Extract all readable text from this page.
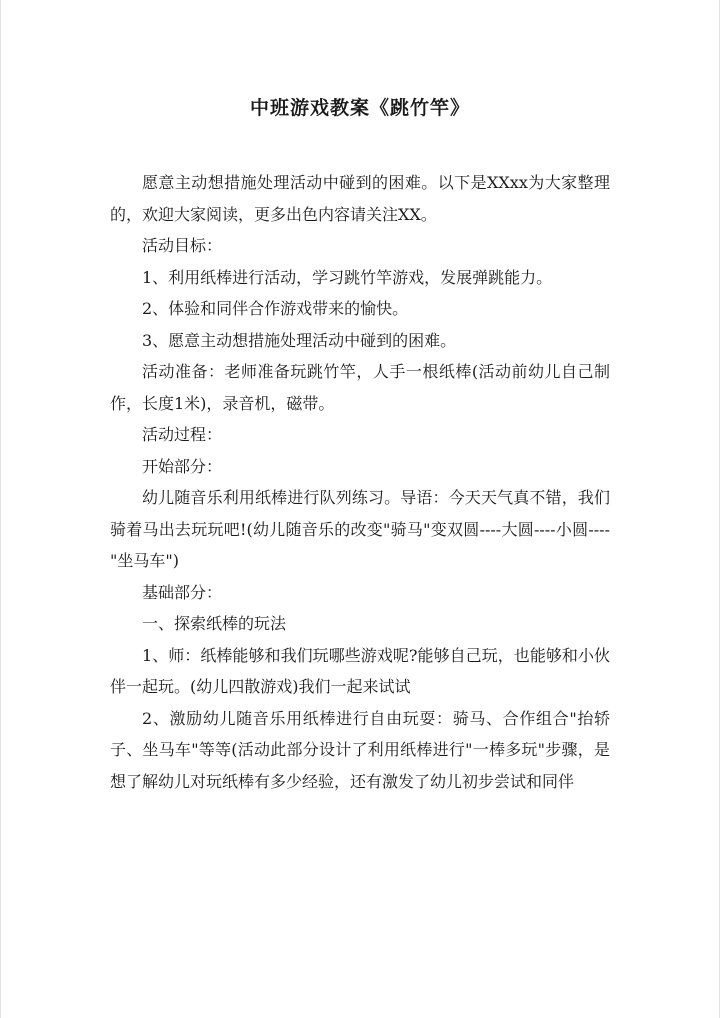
中班游戏教案《跳竹竿》

愿意主动想措施处理活动中碰到的困难。以下是XXxx为大家整理的，欢迎大家阅读，更多出色内容请关注XX。

活动目标：

1、利用纸棒进行活动，学习跳竹竿游戏，发展弹跳能力。

2、体验和同伴合作游戏带来的愉快。

3、愿意主动想措施处理活动中碰到的困难。

活动准备：老师准备玩跳竹竿，人手一根纸棒(活动前幼儿自己制作，长度1米)，录音机，磁带。

活动过程：

开始部分：

幼儿随音乐利用纸棒进行队列练习。导语：今天天气真不错，我们骑着马出去玩玩吧!(幼儿随音乐的改变"骑马"变双圆----大圆----小圆----"坐马车")

基础部分：

一、探索纸棒的玩法

1、师：纸棒能够和我们玩哪些游戏呢?能够自己玩，也能够和小伙伴一起玩。(幼儿四散游戏)我们一起来试试

2、激励幼儿随音乐用纸棒进行自由玩耍：骑马、合作组合"抬轿子、坐马车"等等(活动此部分设计了利用纸棒进行"一棒多玩"步骤，是想了解幼儿对玩纸棒有多少经验，还有激发了幼儿初步尝试和同伴
